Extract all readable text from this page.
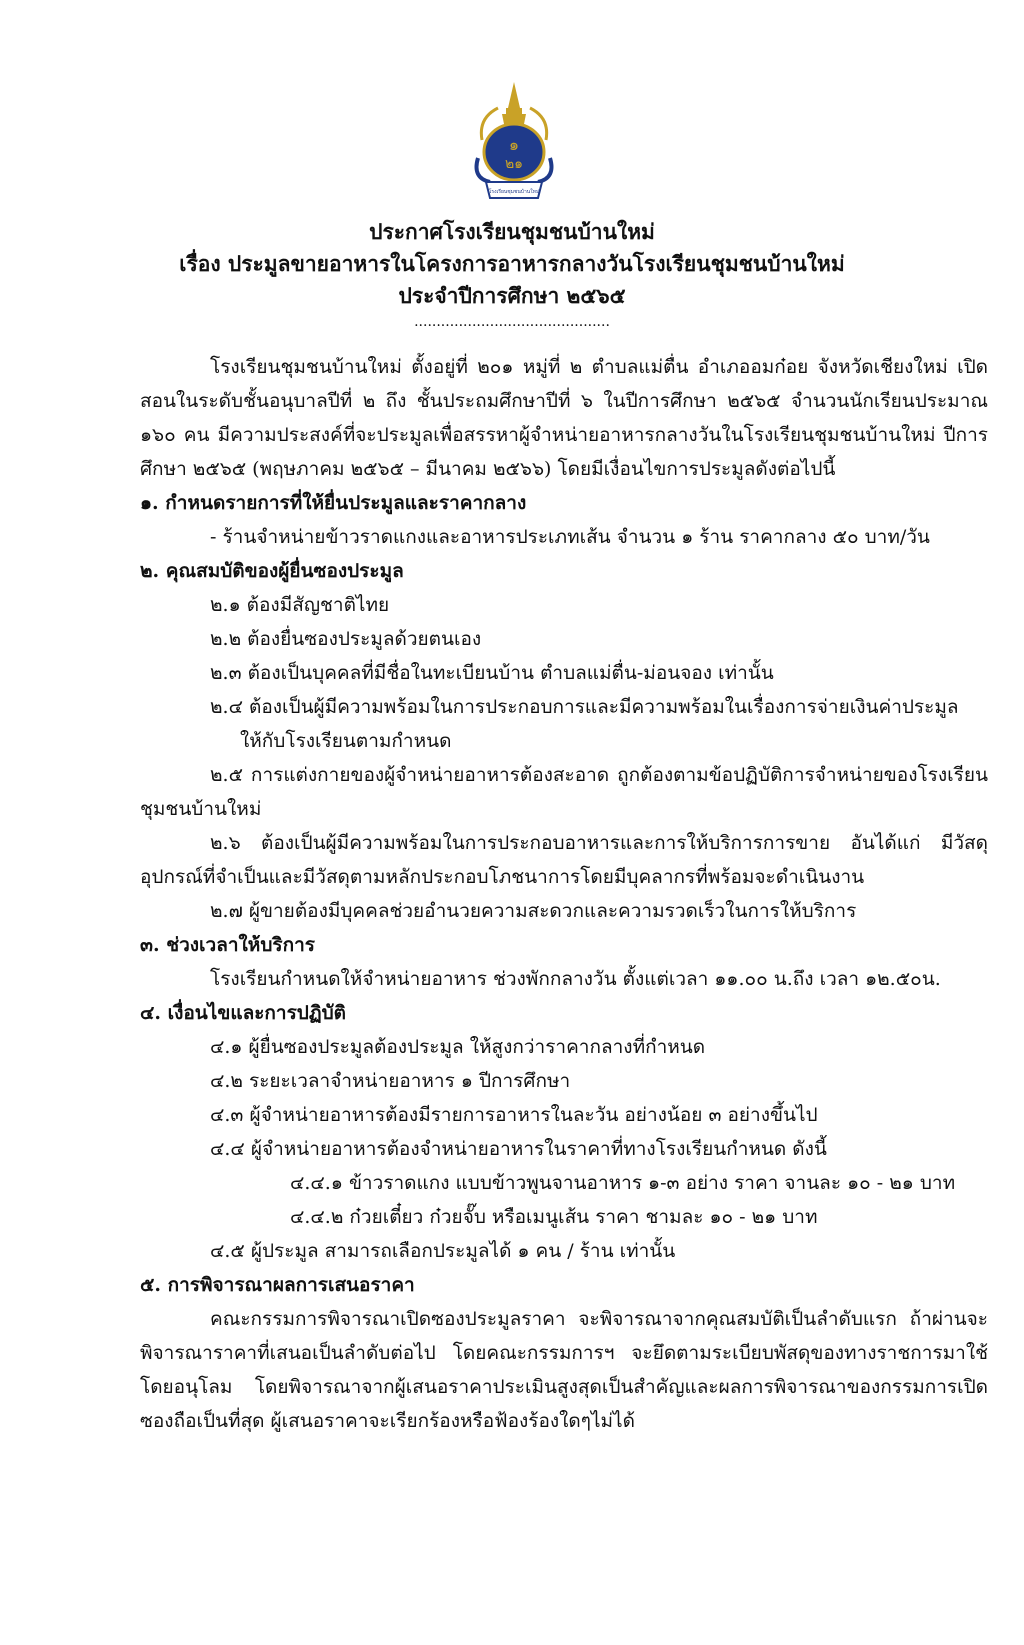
๑
๒๑
โรงเรียนชุมชนบ้านใหม่

ประกาศโรงเรียนชุมชนบ้านใหม่

เรื่อง ประมูลขายอาหารในโครงการอาหารกลางวันโรงเรียนชุมชนบ้านใหม่

ประจำปีการศึกษา ๒๕๖๕

............................................

โรงเรียนชุมชนบ้านใหม่ ตั้งอยู่ที่ ๒๐๑ หมู่ที่ ๒ ตำบลแม่ตื่น อำเภออมก๋อย จังหวัดเชียงใหม่ เปิดสอนในระดับชั้นอนุบาลปีที่ ๒ ถึง ชั้นประถมศึกษาปีที่ ๖ ในปีการศึกษา ๒๕๖๕ จำนวนนักเรียนประมาณ ๑๖๐ คน มีความประสงค์ที่จะประมูลเพื่อสรรหาผู้จำหน่ายอาหารกลางวันในโรงเรียนชุมชนบ้านใหม่ ปีการศึกษา ๒๕๖๕ (พฤษภาคม ๒๕๖๕ – มีนาคม ๒๕๖๖) โดยมีเงื่อนไขการประมูลดังต่อไปนี้

๑. กำหนดรายการที่ให้ยื่นประมูลและราคากลาง

- ร้านจำหน่ายข้าวราดแกงและอาหารประเภทเส้น จำนวน ๑ ร้าน ราคากลาง ๕๐ บาท/วัน

๒. คุณสมบัติของผู้ยื่นซองประมูล

๒.๑ ต้องมีสัญชาติไทย

๒.๒ ต้องยื่นซองประมูลด้วยตนเอง

๒.๓ ต้องเป็นบุคคลที่มีชื่อในทะเบียนบ้าน ตำบลแม่ตื่น-ม่อนจอง เท่านั้น

๒.๔ ต้องเป็นผู้มีความพร้อมในการประกอบการและมีความพร้อมในเรื่องการจ่ายเงินค่าประมูล

ให้กับโรงเรียนตามกำหนด

๒.๕ การแต่งกายของผู้จำหน่ายอาหารต้องสะอาด ถูกต้องตามข้อปฏิบัติการจำหน่ายของโรงเรียนชุมชนบ้านใหม่

๒.๖ ต้องเป็นผู้มีความพร้อมในการประกอบอาหารและการให้บริการการขาย อันได้แก่ มีวัสดุอุปกรณ์ที่จำเป็นและมีวัสดุตามหลักประกอบโภชนาการโดยมีบุคลากรที่พร้อมจะดำเนินงาน

๒.๗ ผู้ขายต้องมีบุคคลช่วยอำนวยความสะดวกและความรวดเร็วในการให้บริการ

๓. ช่วงเวลาให้บริการ

โรงเรียนกำหนดให้จำหน่ายอาหาร ช่วงพักกลางวัน ตั้งแต่เวลา ๑๑.๐๐ น.ถึง เวลา ๑๒.๕๐น.

๔. เงื่อนไขและการปฏิบัติ

๔.๑ ผู้ยื่นซองประมูลต้องประมูล ให้สูงกว่าราคากลางที่กำหนด

๔.๒ ระยะเวลาจำหน่ายอาหาร ๑ ปีการศึกษา

๔.๓ ผู้จำหน่ายอาหารต้องมีรายการอาหารในละวัน อย่างน้อย ๓ อย่างขึ้นไป

๔.๔ ผู้จำหน่ายอาหารต้องจำหน่ายอาหารในราคาที่ทางโรงเรียนกำหนด ดังนี้

๔.๔.๑ ข้าวราดแกง แบบข้าวพูนจานอาหาร ๑-๓ อย่าง ราคา จานละ ๑๐ - ๒๑ บาท

๔.๔.๒ ก๋วยเตี๋ยว ก๋วยจั๊บ หรือเมนูเส้น ราคา ชามละ ๑๐ - ๒๑ บาท

๔.๕ ผู้ประมูล สามารถเลือกประมูลได้ ๑ คน / ร้าน เท่านั้น

๕. การพิจารณาผลการเสนอราคา

คณะกรรมการพิจารณาเปิดซองประมูลราคา จะพิจารณาจากคุณสมบัติเป็นลำดับแรก ถ้าผ่านจะพิจารณาราคาที่เสนอเป็นลำดับต่อไป โดยคณะกรรมการฯ จะยึดตามระเบียบพัสดุของทางราชการมาใช้โดยอนุโลม โดยพิจารณาจากผู้เสนอราคาประเมินสูงสุดเป็นสำคัญและผลการพิจารณาของกรรมการเปิดซองถือเป็นที่สุด ผู้เสนอราคาจะเรียกร้องหรือฟ้องร้องใดๆไม่ได้
